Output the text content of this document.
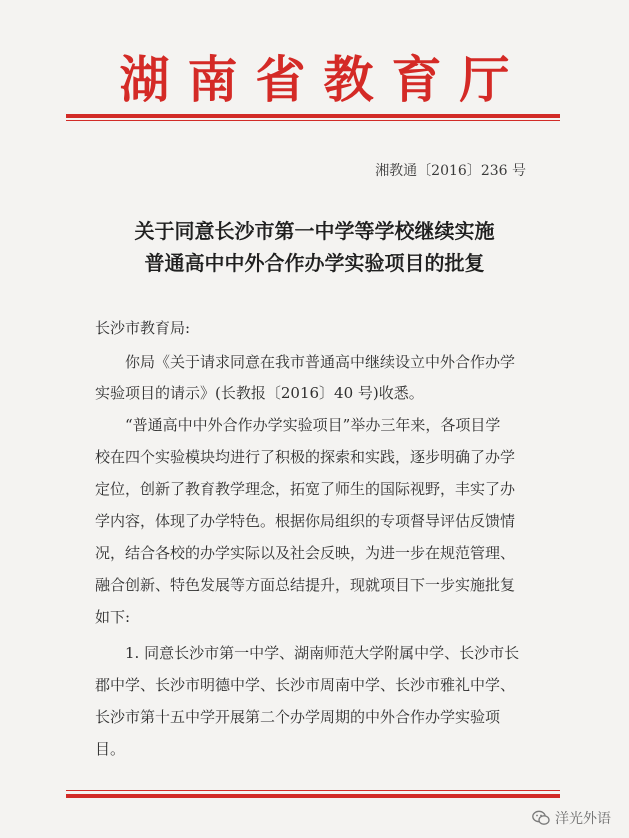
湖南省教育厅
湘教通〔2016〕236 号
关于同意长沙市第一中学等学校继续实施
普通高中中外合作办学实验项目的批复
长沙市教育局:
你局《关于请求同意在我市普通高中继续设立中外合作办学
实验项目的请示》(长教报〔2016〕40 号)收悉。
“普通高中中外合作办学实验项目”举办三年来，各项目学
校在四个实验模块均进行了积极的探索和实践，逐步明确了办学
定位，创新了教育教学理念，拓宽了师生的国际视野，丰实了办
学内容，体现了办学特色。根据你局组织的专项督导评估反馈情
况，结合各校的办学实际以及社会反映，为进一步在规范管理、
融合创新、特色发展等方面总结提升，现就项目下一步实施批复
如下:
1. 同意长沙市第一中学、湖南师范大学附属中学、长沙市长
郡中学、长沙市明德中学、长沙市周南中学、长沙市雅礼中学、
长沙市第十五中学开展第二个办学周期的中外合作办学实验项
目。
洋光外语
